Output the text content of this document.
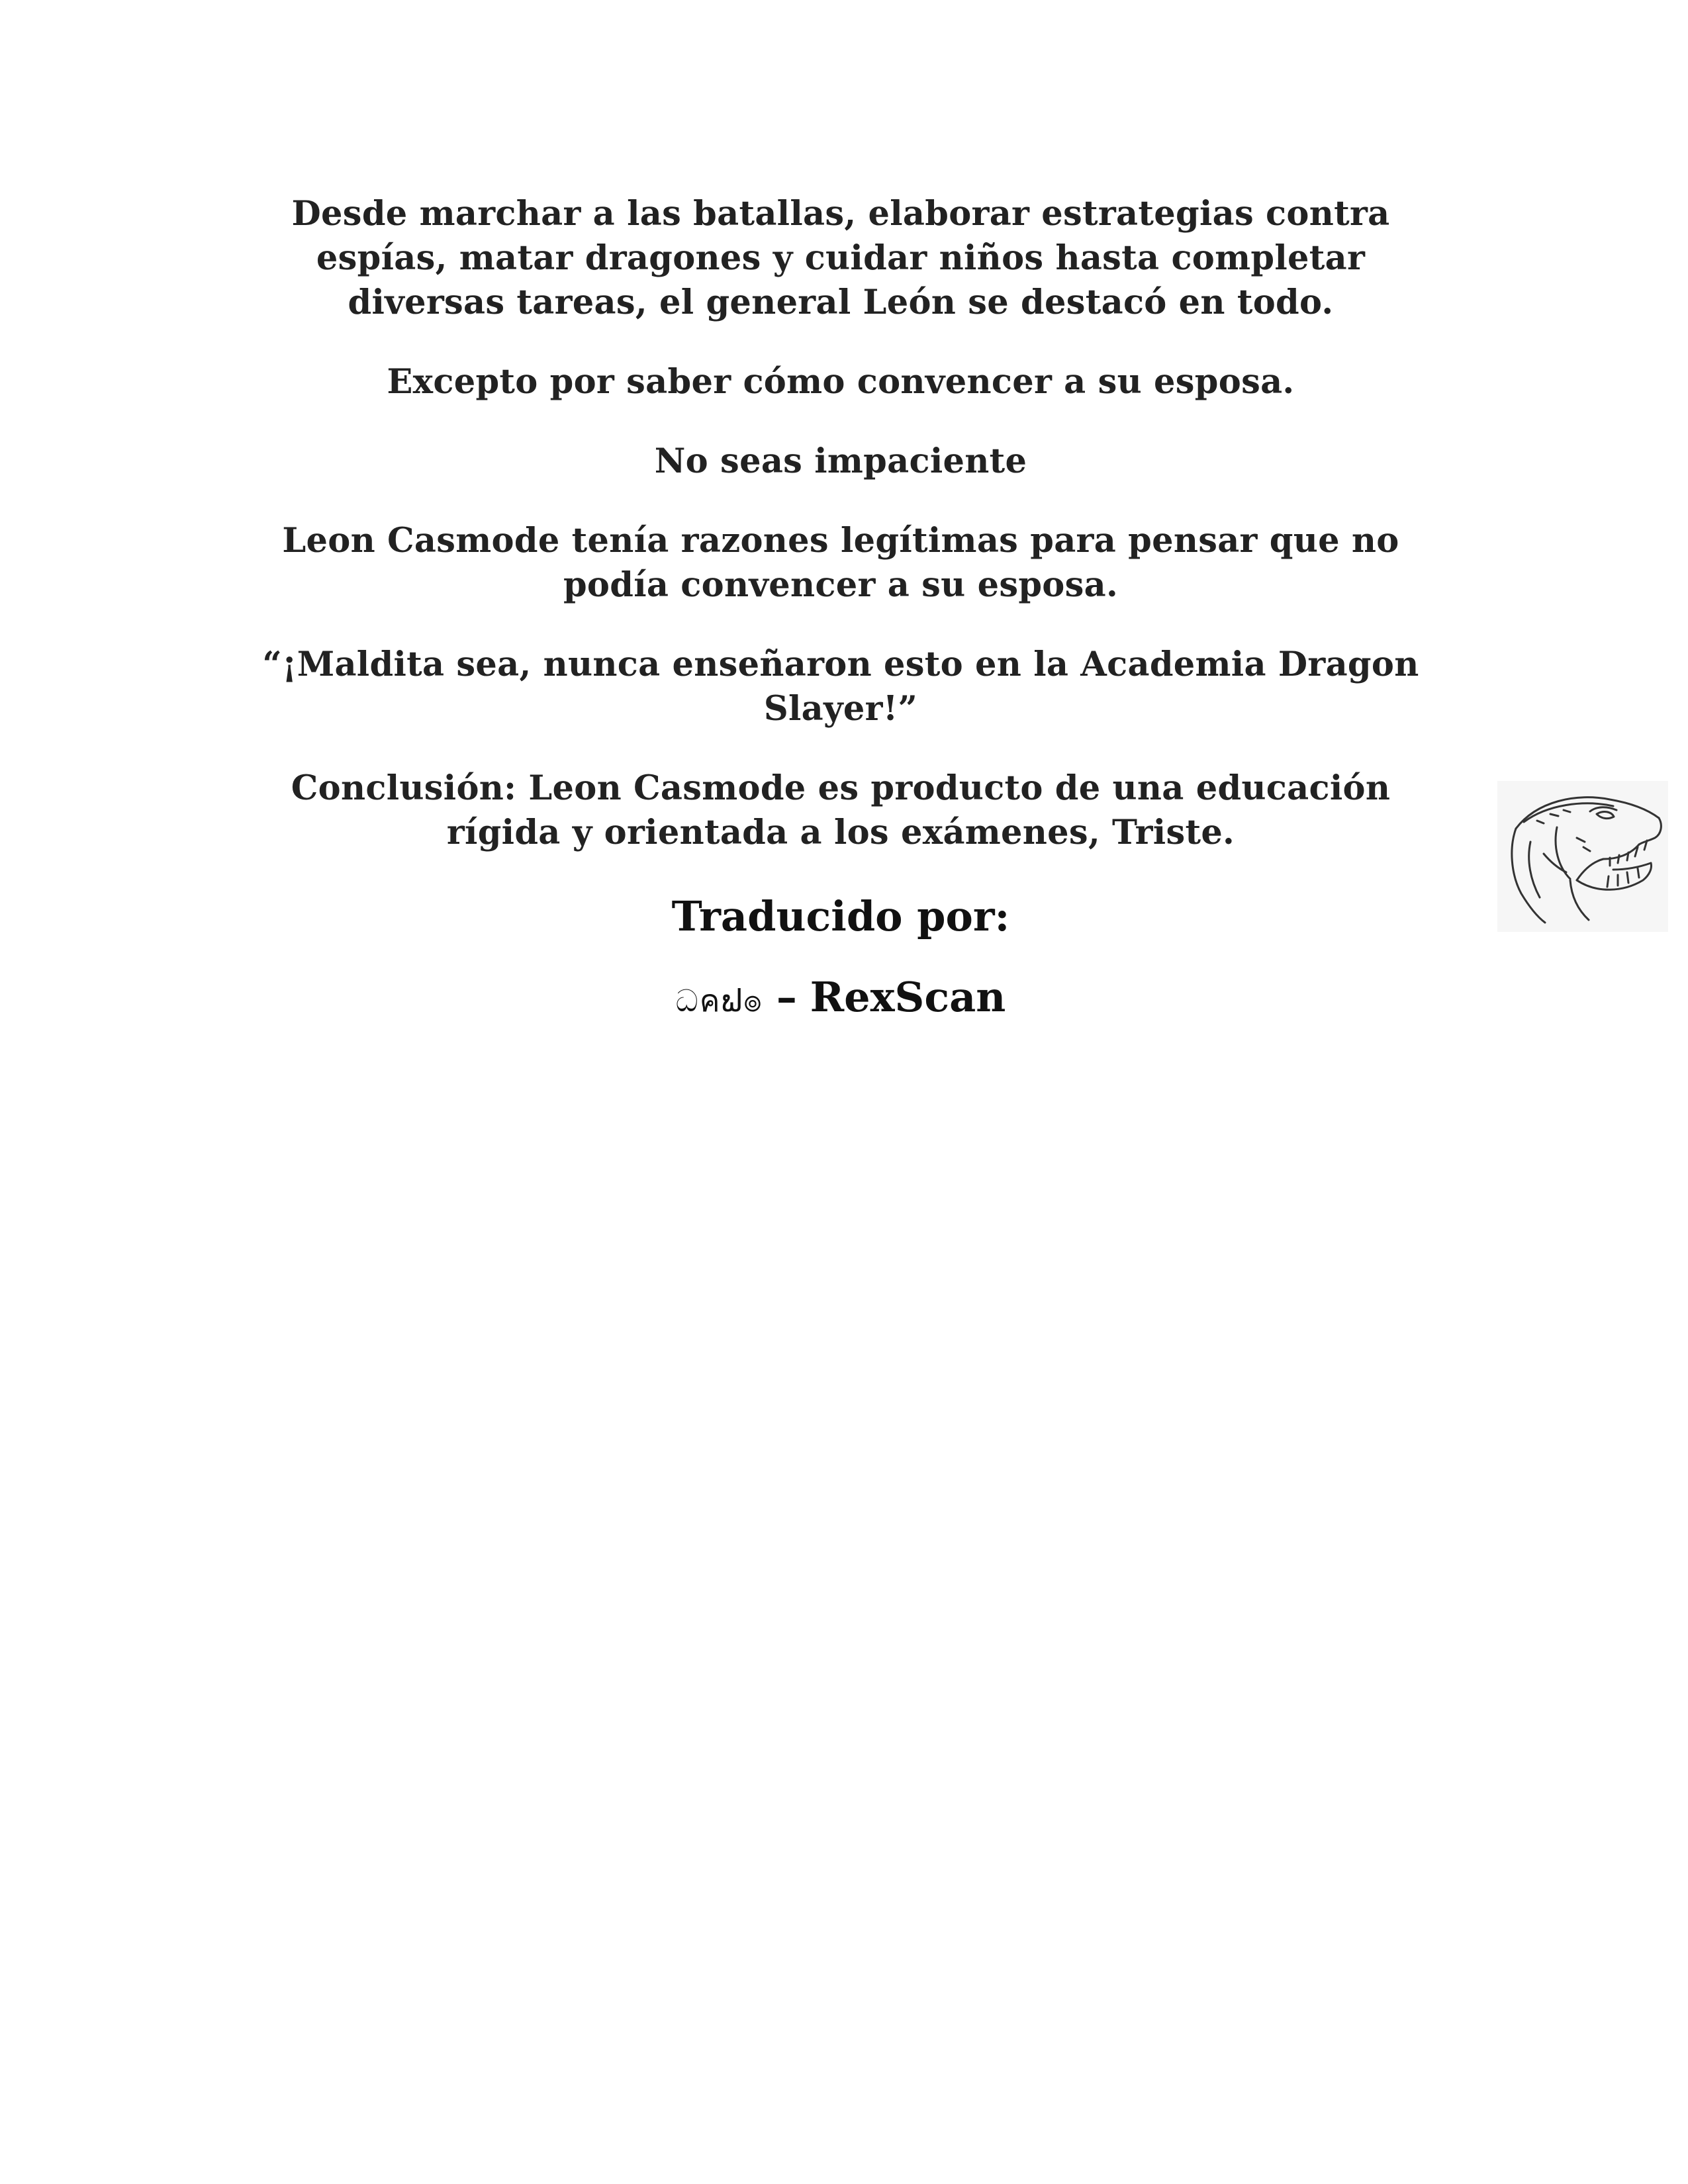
Desde marchar a las batallas, elaborar estrategias contra espías, matar dragones y cuidar niños hasta completar diversas tareas, el general León se destacó en todo.

Excepto por saber cómo convencer a su esposa.

No seas impaciente

Leon Casmode tenía razones legítimas para pensar que no podía convencer a su esposa.

“¡Maldita sea, nunca enseñaron esto en la Academia Dragon Slayer!”

Conclusión: Leon Casmode es producto de una educación rígida y orientada a los exámenes, Triste.

Traducido por:

ධคຟ๏ – RexScan
